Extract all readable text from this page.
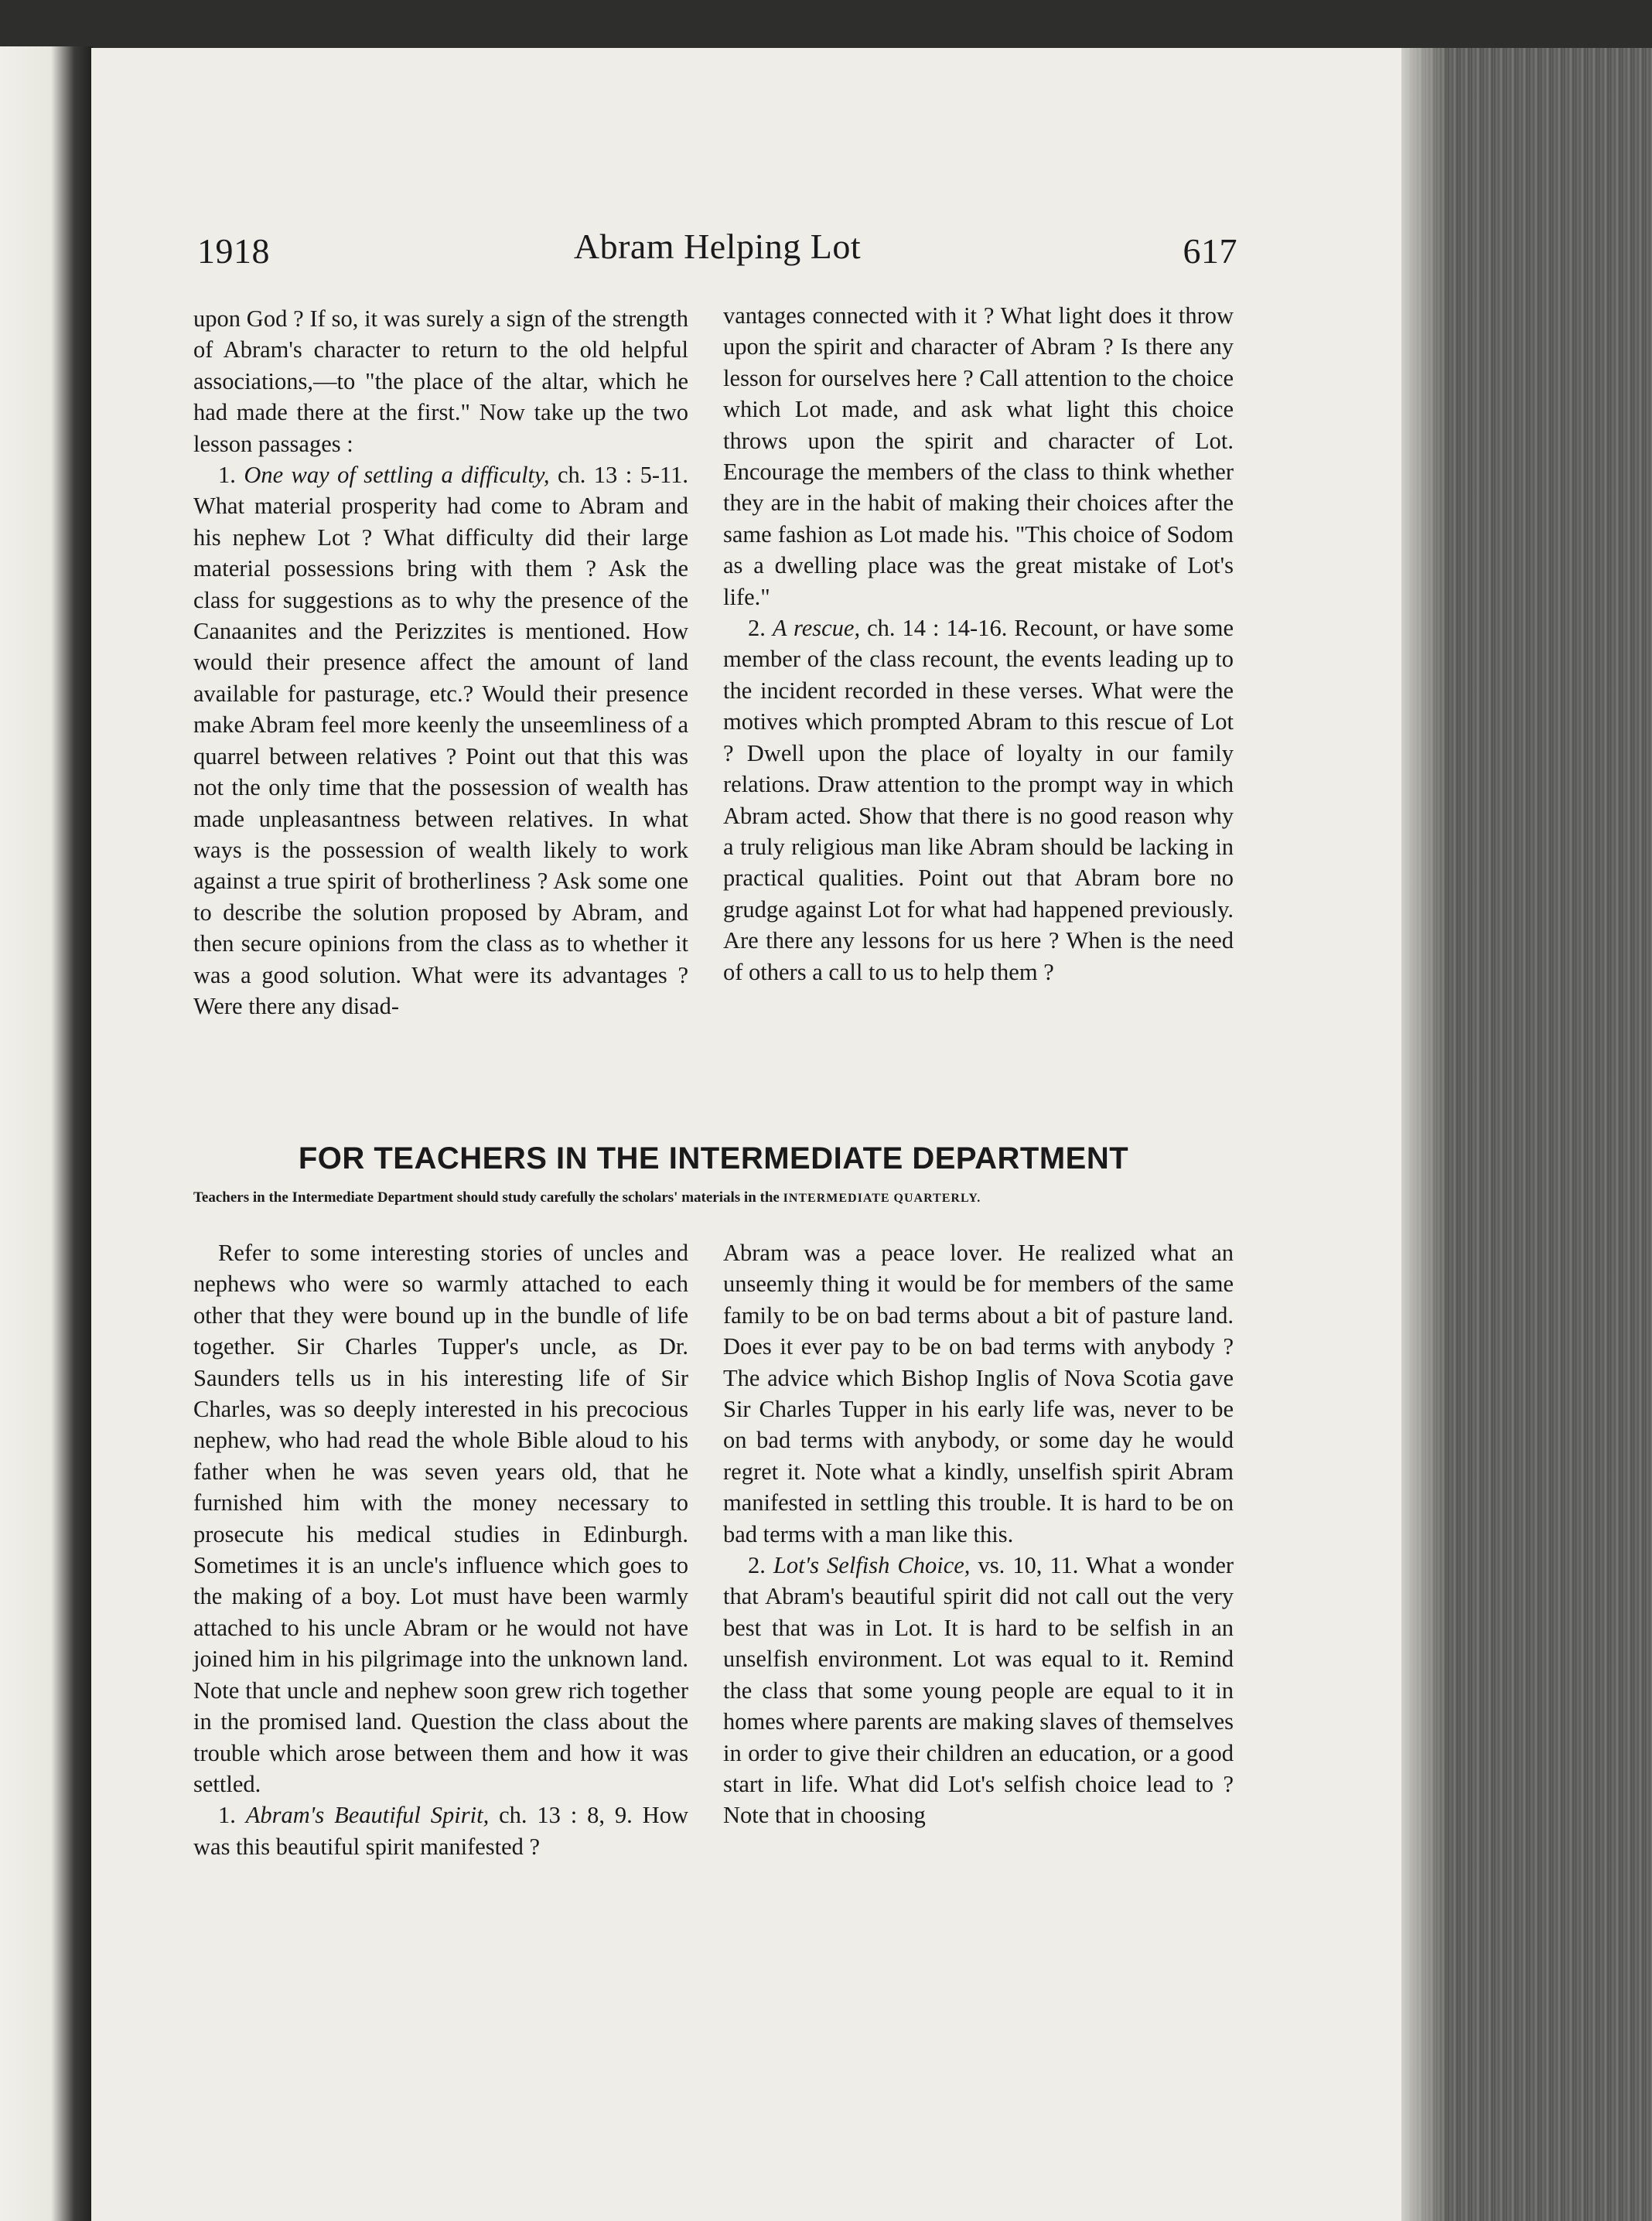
1918	Abram Helping Lot	617

upon God ? If so, it was surely a sign of the strength of Abram's character to return to the old helpful associations,—to "the place of the altar, which he had made there at the first." Now take up the two lesson passages :

1. One way of settling a difficulty, ch. 13 : 5-11. What material prosperity had come to Abram and his nephew Lot ? What difficulty did their large material possessions bring with them ? Ask the class for suggestions as to why the presence of the Canaanites and the Perizzites is mentioned. How would their presence affect the amount of land available for pasturage, etc.? Would their presence make Abram feel more keenly the unseemliness of a quarrel between relatives ? Point out that this was not the only time that the possession of wealth has made unpleasantness between relatives. In what ways is the possession of wealth likely to work against a true spirit of brotherliness ? Ask some one to describe the solution proposed by Abram, and then secure opinions from the class as to whether it was a good solution. What were its advantages ? Were there any disad-

vantages connected with it ? What light does it throw upon the spirit and character of Abram ? Is there any lesson for ourselves here ? Call attention to the choice which Lot made, and ask what light this choice throws upon the spirit and character of Lot. Encourage the members of the class to think whether they are in the habit of making their choices after the same fashion as Lot made his. "This choice of Sodom as a dwelling place was the great mistake of Lot's life."

2. A rescue, ch. 14 : 14-16. Recount, or have some member of the class recount, the events leading up to the incident recorded in these verses. What were the motives which prompted Abram to this rescue of Lot ? Dwell upon the place of loyalty in our family relations. Draw attention to the prompt way in which Abram acted. Show that there is no good reason why a truly religious man like Abram should be lacking in practical qualities. Point out that Abram bore no grudge against Lot for what had happened previously. Are there any lessons for us here ? When is the need of others a call to us to help them ?

FOR TEACHERS IN THE INTERMEDIATE DEPARTMENT
Teachers in the Intermediate Department should study carefully the scholars' materials in the INTERMEDIATE QUARTERLY.

Refer to some interesting stories of uncles and nephews who were so warmly attached to each other that they were bound up in the bundle of life together. Sir Charles Tupper's uncle, as Dr. Saunders tells us in his interesting life of Sir Charles, was so deeply interested in his precocious nephew, who had read the whole Bible aloud to his father when he was seven years old, that he furnished him with the money necessary to prosecute his medical studies in Edinburgh. Sometimes it is an uncle's influence which goes to the making of a boy. Lot must have been warmly attached to his uncle Abram or he would not have joined him in his pilgrimage into the unknown land. Note that uncle and nephew soon grew rich together in the promised land. Question the class about the trouble which arose between them and how it was settled.

1. Abram's Beautiful Spirit, ch. 13 : 8, 9. How was this beautiful spirit manifested ?

Abram was a peace lover. He realized what an unseemly thing it would be for members of the same family to be on bad terms about a bit of pasture land. Does it ever pay to be on bad terms with anybody ? The advice which Bishop Inglis of Nova Scotia gave Sir Charles Tupper in his early life was, never to be on bad terms with anybody, or some day he would regret it. Note what a kindly, unselfish spirit Abram manifested in settling this trouble. It is hard to be on bad terms with a man like this.

2. Lot's Selfish Choice, vs. 10, 11. What a wonder that Abram's beautiful spirit did not call out the very best that was in Lot. It is hard to be selfish in an unselfish environment. Lot was equal to it. Remind the class that some young people are equal to it in homes where parents are making slaves of themselves in order to give their children an education, or a good start in life. What did Lot's selfish choice lead to ? Note that in choosing
